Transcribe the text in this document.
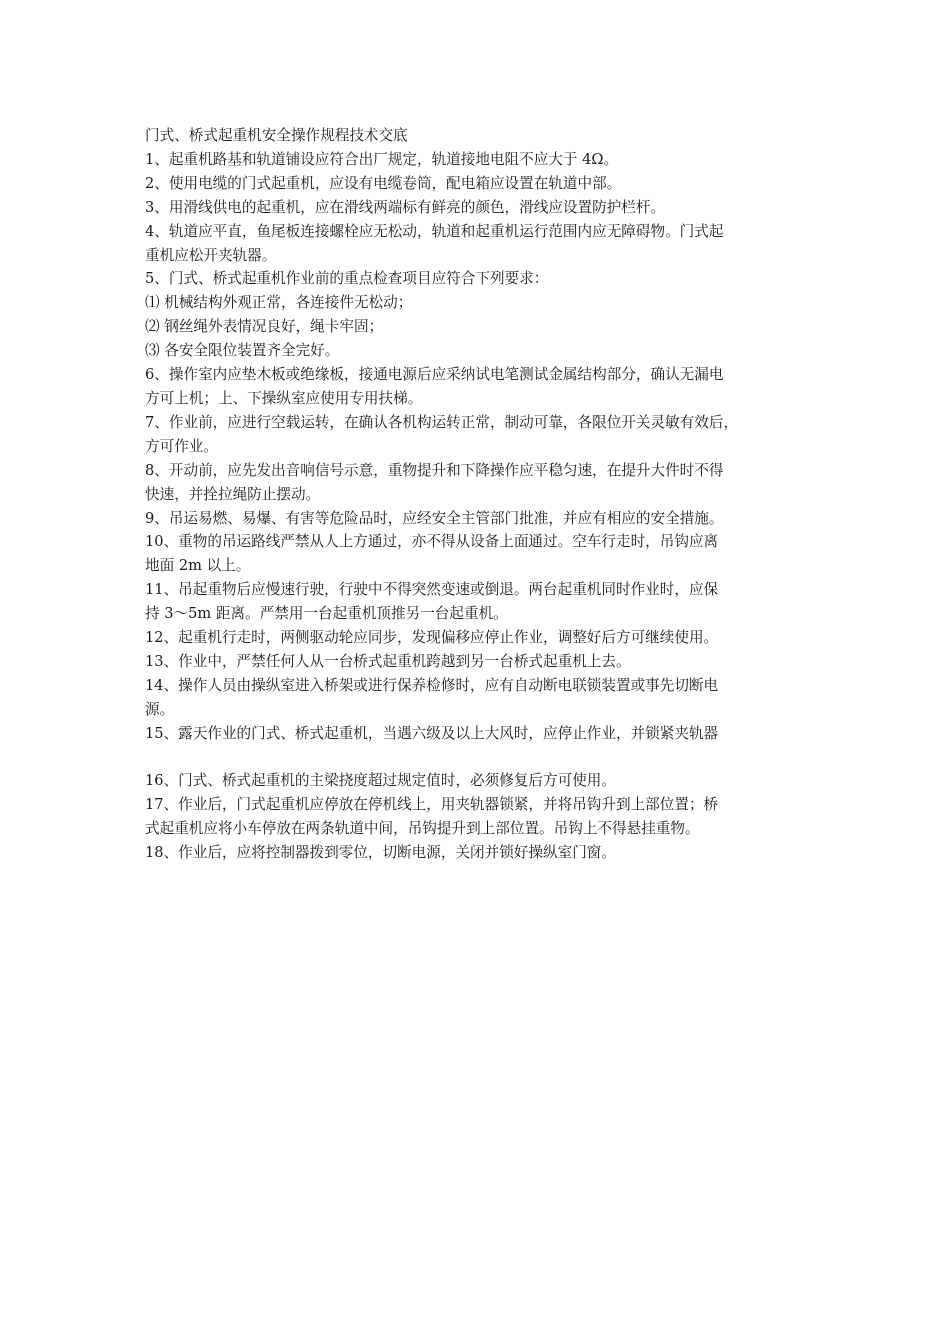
门式、桥式起重机安全操作规程技术交底

1、起重机路基和轨道铺设应符合出厂规定，轨道接地电阻不应大于 4Ω。

2、使用电缆的门式起重机，应设有电缆卷筒，配电箱应设置在轨道中部。

3、用滑线供电的起重机，应在滑线两端标有鲜亮的颜色，滑线应设置防护栏杆。

4、轨道应平直，鱼尾板连接螺栓应无松动，轨道和起重机运行范围内应无障碍物。门式起

重机应松开夹轨器。

5、门式、桥式起重机作业前的重点检查项目应符合下列要求：

⑴ 机械结构外观正常，各连接件无松动；

⑵ 钢丝绳外表情况良好，绳卡牢固；

⑶ 各安全限位装置齐全完好。

6、操作室内应垫木板或绝缘板，接通电源后应采纳试电笔测试金属结构部分，确认无漏电

方可上机；上、下操纵室应使用专用扶梯。

7、作业前，应进行空载运转，在确认各机构运转正常，制动可靠，各限位开关灵敏有效后，

方可作业。

8、开动前，应先发出音响信号示意，重物提升和下降操作应平稳匀速，在提升大件时不得

快速，并拴拉绳防止摆动。

9、吊运易燃、易爆、有害等危险品时，应经安全主管部门批准，并应有相应的安全措施。

10、重物的吊运路线严禁从人上方通过，亦不得从设备上面通过。空车行走时，吊钩应离

地面 2m 以上。

11、吊起重物后应慢速行驶，行驶中不得突然变速或倒退。两台起重机同时作业时，应保

持 3～5m 距离。严禁用一台起重机顶推另一台起重机。

12、起重机行走时，两侧驱动轮应同步，发现偏移应停止作业，调整好后方可继续使用。

13、作业中，严禁任何人从一台桥式起重机跨越到另一台桥式起重机上去。

14、操作人员由操纵室进入桥架或进行保养检修时，应有自动断电联锁装置或事先切断电

源。

15、露天作业的门式、桥式起重机，当遇六级及以上大风时，应停止作业，并锁紧夹轨器

16、门式、桥式起重机的主梁挠度超过规定值时，必须修复后方可使用。

17、作业后，门式起重机应停放在停机线上，用夹轨器锁紧，并将吊钩升到上部位置；桥

式起重机应将小车停放在两条轨道中间，吊钩提升到上部位置。吊钩上不得悬挂重物。

18、作业后，应将控制器拨到零位，切断电源，关闭并锁好操纵室门窗。
